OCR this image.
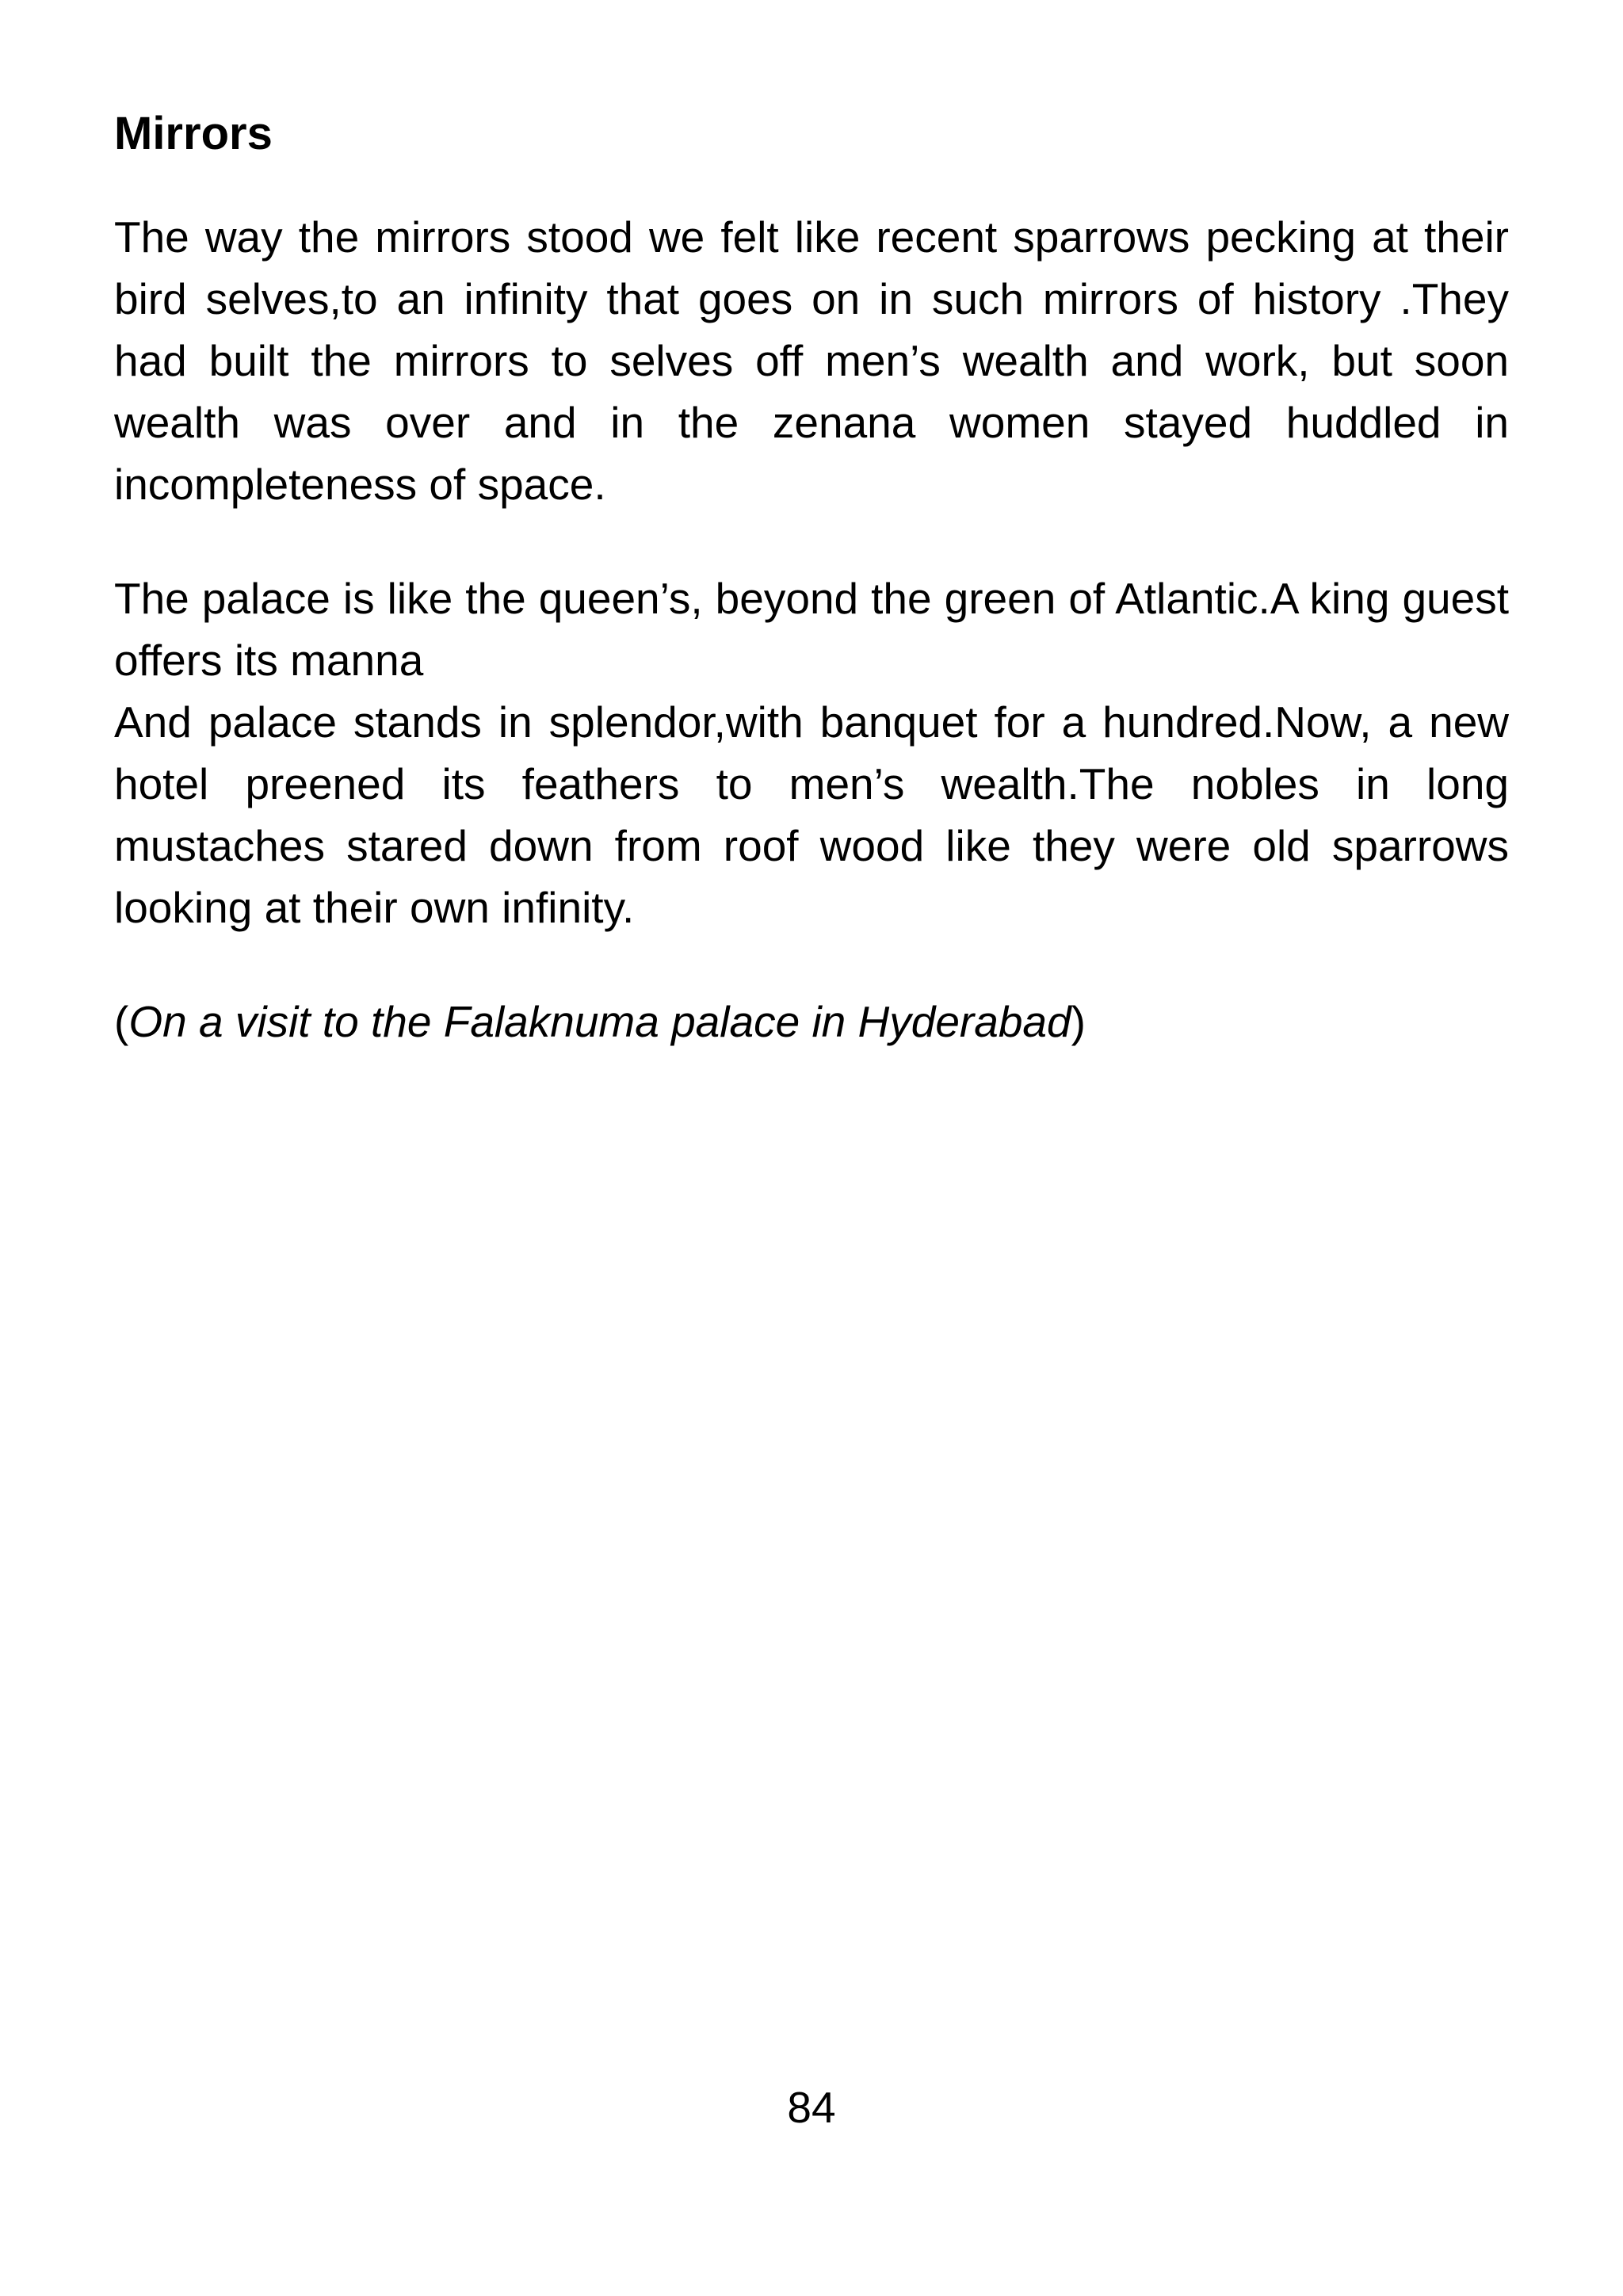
Mirrors

The way the mirrors stood we felt like recent sparrows pecking at their bird selves,to an infinity that goes on in such mirrors of history .They had built the mirrors to selves off men’s wealth and work, but soon wealth was over and in the zenana women stayed huddled in incompleteness of space.

The palace is like the queen’s, beyond the green of Atlantic.A king guest offers its manna

And palace stands in splendor,with banquet for a hundred.Now, a new hotel preened its feathers to men’s wealth.The nobles in long mustaches stared down from roof wood like they were old sparrows looking at their own infinity.

(On a visit to the Falaknuma palace in Hyderabad)

84
